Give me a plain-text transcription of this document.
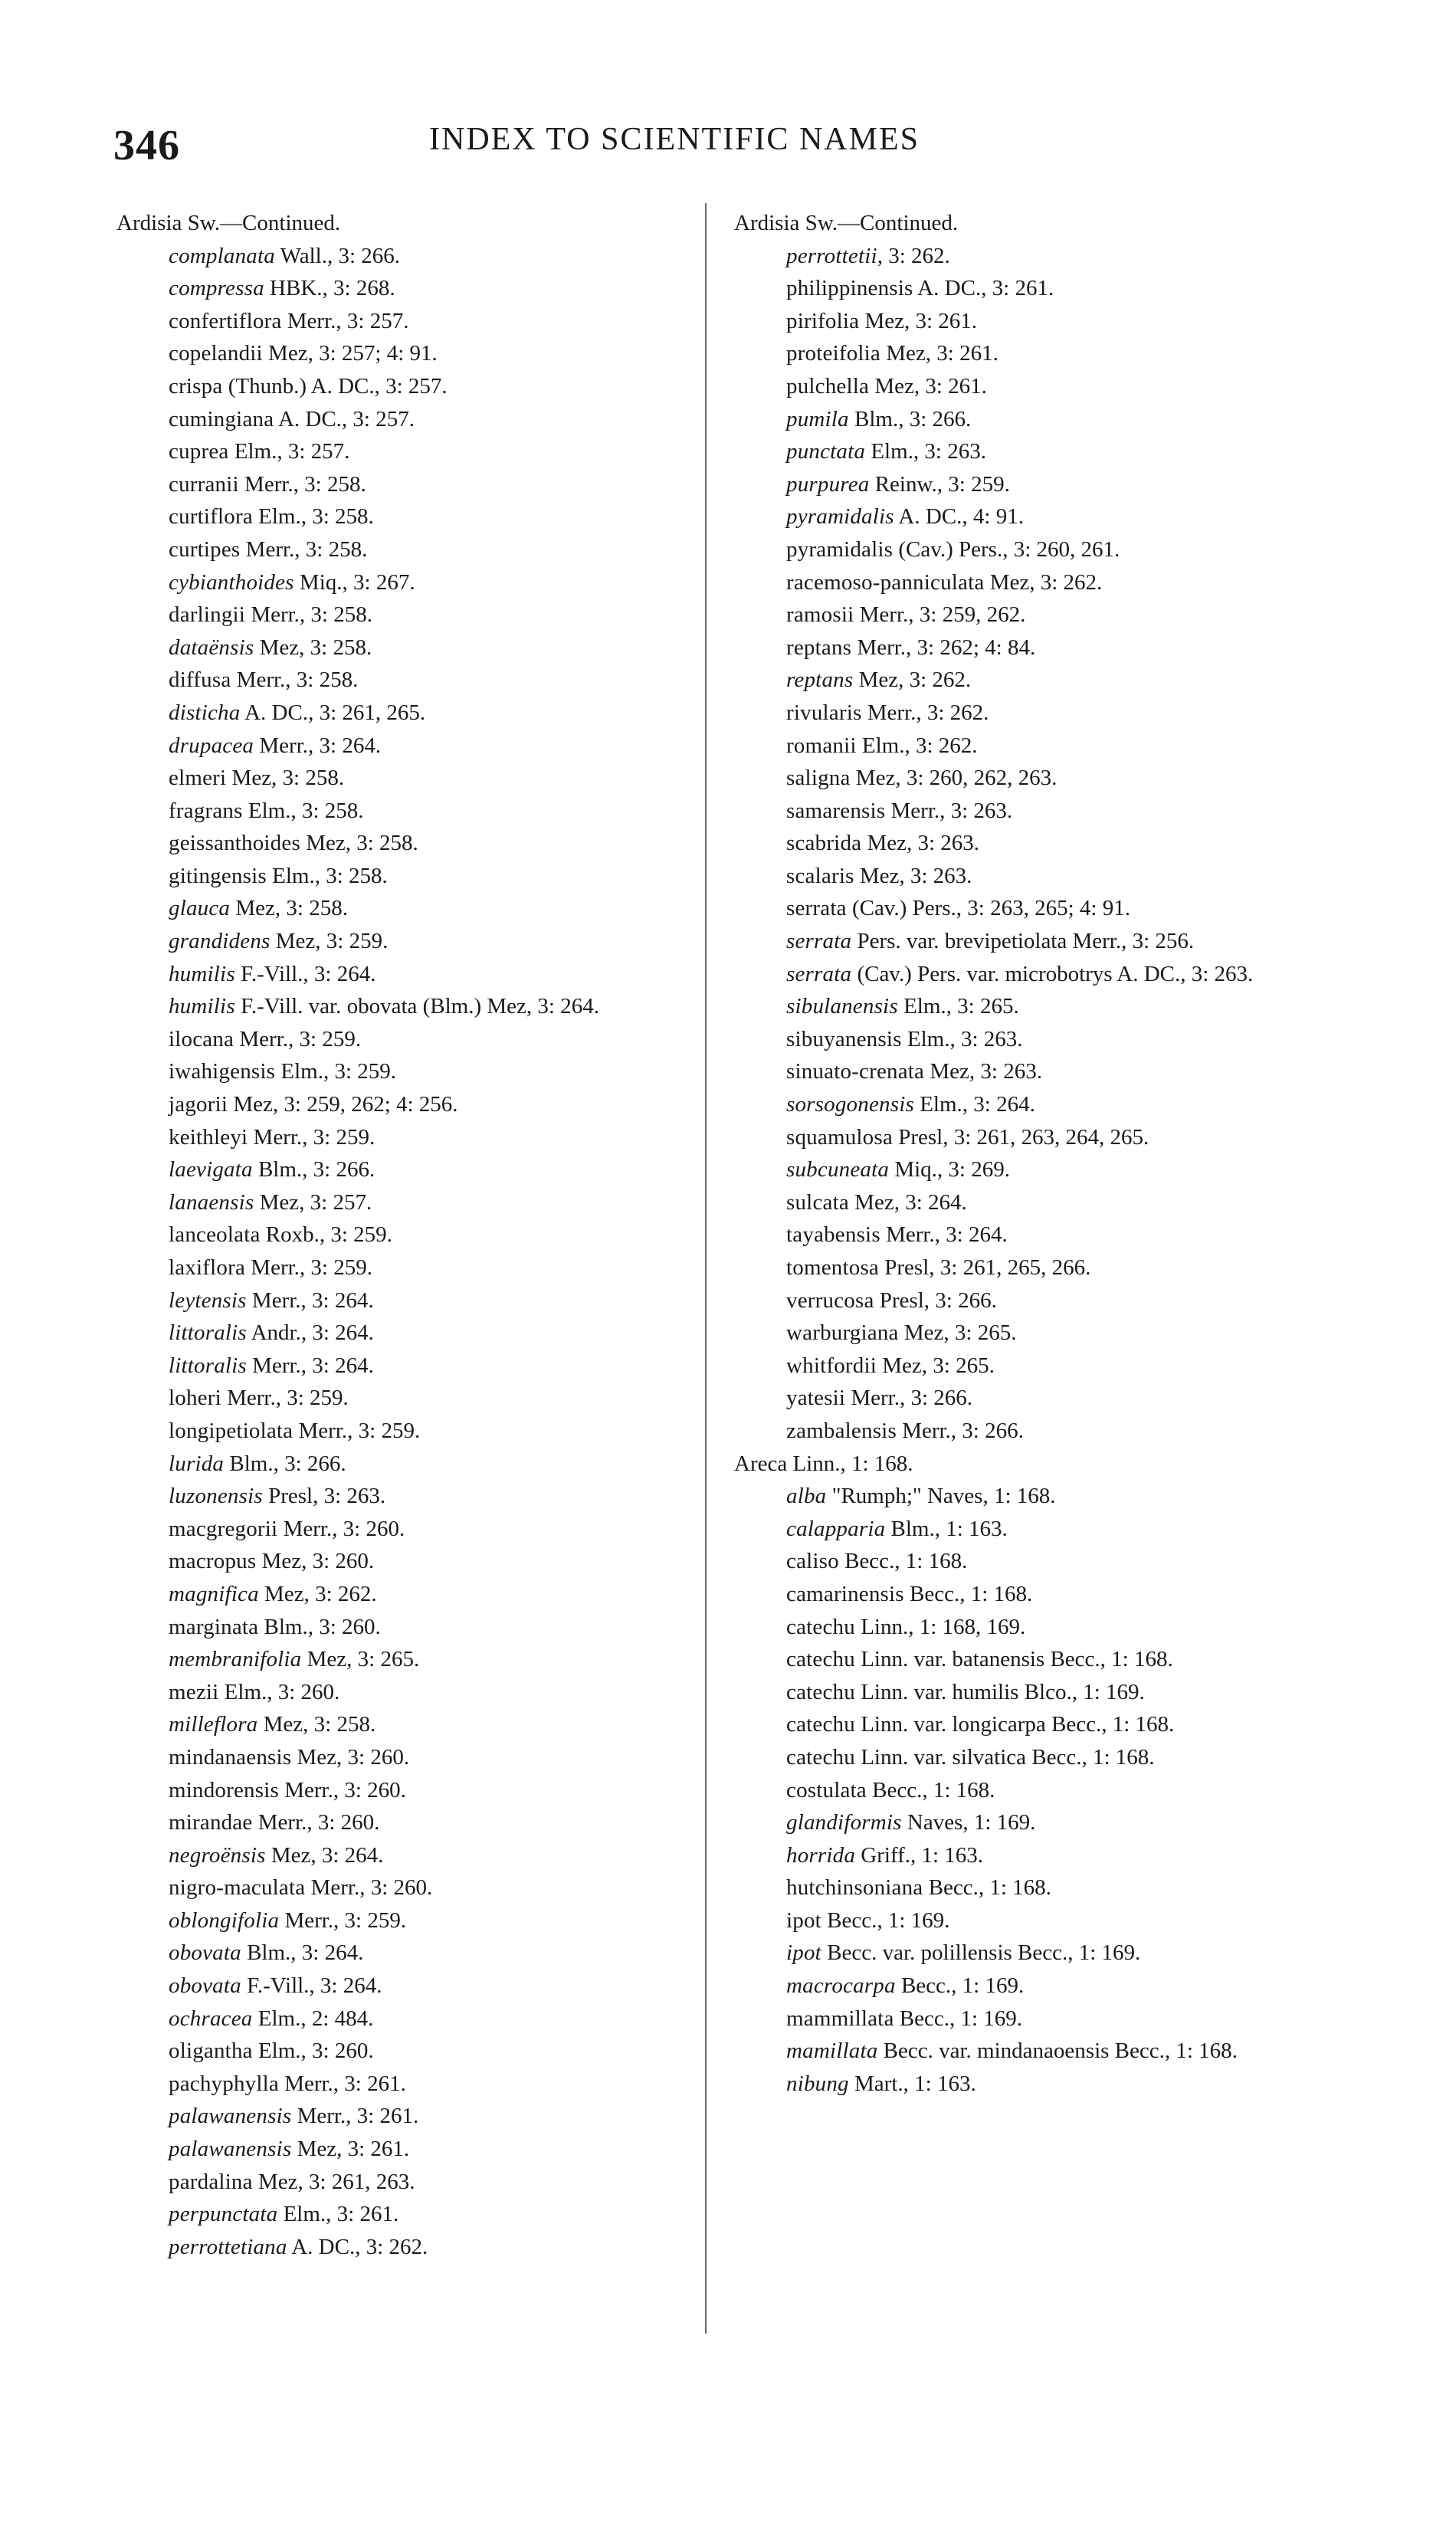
346	INDEX TO SCIENTIFIC NAMES
Ardisia Sw.—Continued.
complanata Wall., 3: 266.
compressa HBK., 3: 268.
confertiflora Merr., 3: 257.
copelandii Mez, 3: 257; 4: 91.
crispa (Thunb.) A. DC., 3: 257.
cumingiana A. DC., 3: 257.
cuprea Elm., 3: 257.
curranii Merr., 3: 258.
curtiflora Elm., 3: 258.
curtipes Merr., 3: 258.
cybianthoides Miq., 3: 267.
darlingii Merr., 3: 258.
dataënsis Mez, 3: 258.
diffusa Merr., 3: 258.
disticha A. DC., 3: 261, 265.
drupacea Merr., 3: 264.
elmeri Mez, 3: 258.
fragrans Elm., 3: 258.
geissanthoides Mez, 3: 258.
gitingensis Elm., 3: 258.
glauca Mez, 3: 258.
grandidens Mez, 3: 259.
humilis F.-Vill., 3: 264.
humilis F.-Vill. var. obovata (Blm.) Mez, 3: 264.
ilocana Merr., 3: 259.
iwahigensis Elm., 3: 259.
jagorii Mez, 3: 259, 262; 4: 256.
keithleyi Merr., 3: 259.
laevigata Blm., 3: 266.
lanaensis Mez, 3: 257.
lanceolata Roxb., 3: 259.
laxiflora Merr., 3: 259.
leytensis Merr., 3: 264.
littoralis Andr., 3: 264.
littoralis Merr., 3: 264.
loheri Merr., 3: 259.
longipetiolata Merr., 3: 259.
lurida Blm., 3: 266.
luzonensis Presl, 3: 263.
macgregorii Merr., 3: 260.
macropus Mez, 3: 260.
magnifica Mez, 3: 262.
marginata Blm., 3: 260.
membranifolia Mez, 3: 265.
mezii Elm., 3: 260.
milleflora Mez, 3: 258.
mindanaensis Mez, 3: 260.
mindorensis Merr., 3: 260.
mirandae Merr., 3: 260.
negroënsis Mez, 3: 264.
nigro-maculata Merr., 3: 260.
oblongifolia Merr., 3: 259.
obovata Blm., 3: 264.
obovata F.-Vill., 3: 264.
ochracea Elm., 2: 484.
oligantha Elm., 3: 260.
pachyphylla Merr., 3: 261.
palawanensis Merr., 3: 261.
palawanensis Mez, 3: 261.
pardalina Mez, 3: 261, 263.
perpunctata Elm., 3: 261.
perrottetiana A. DC., 3: 262.
Ardisia Sw.—Continued.
perrottetii, 3: 262.
philippinensis A. DC., 3: 261.
pirifolia Mez, 3: 261.
proteifolia Mez, 3: 261.
pulchella Mez, 3: 261.
pumila Blm., 3: 266.
punctata Elm., 3: 263.
purpurea Reinw., 3: 259.
pyramidalis A. DC., 4: 91.
pyramidalis (Cav.) Pers., 3: 260, 261.
racemoso-panniculata Mez, 3: 262.
ramosii Merr., 3: 259, 262.
reptans Merr., 3: 262; 4: 84.
reptans Mez, 3: 262.
rivularis Merr., 3: 262.
romanii Elm., 3: 262.
saligna Mez, 3: 260, 262, 263.
samarensis Merr., 3: 263.
scabrida Mez, 3: 263.
scalaris Mez, 3: 263.
serrata (Cav.) Pers., 3: 263, 265; 4: 91.
serrata Pers. var. brevipetiolata Merr., 3: 256.
serrata (Cav.) Pers. var. microbotrys A. DC., 3: 263.
sibulanensis Elm., 3: 265.
sibuyanensis Elm., 3: 263.
sinuato-crenata Mez, 3: 263.
sorsogonensis Elm., 3: 264.
squamulosa Presl, 3: 261, 263, 264, 265.
subcuneata Miq., 3: 269.
sulcata Mez, 3: 264.
tayabensis Merr., 3: 264.
tomentosa Presl, 3: 261, 265, 266.
verrucosa Presl, 3: 266.
warburgiana Mez, 3: 265.
whitfordii Mez, 3: 265.
yatesii Merr., 3: 266.
zambalensis Merr., 3: 266.
Areca Linn., 1: 168.
alba "Rumph;" Naves, 1: 168.
calapparia Blm., 1: 163.
caliso Becc., 1: 168.
camarinensis Becc., 1: 168.
catechu Linn., 1: 168, 169.
catechu Linn. var. batanensis Becc., 1: 168.
catechu Linn. var. humilis Blco., 1: 169.
catechu Linn. var. longicarpa Becc., 1: 168.
catechu Linn. var. silvatica Becc., 1: 168.
costulata Becc., 1: 168.
glandiformis Naves, 1: 169.
horrida Griff., 1: 163.
hutchinsoniana Becc., 1: 168.
ipot Becc., 1: 169.
ipot Becc. var. polillensis Becc., 1: 169.
macrocarpa Becc., 1: 169.
mammillata Becc., 1: 169.
mamillata Becc. var. mindanaoensis Becc., 1: 168.
nibung Mart., 1: 163.
